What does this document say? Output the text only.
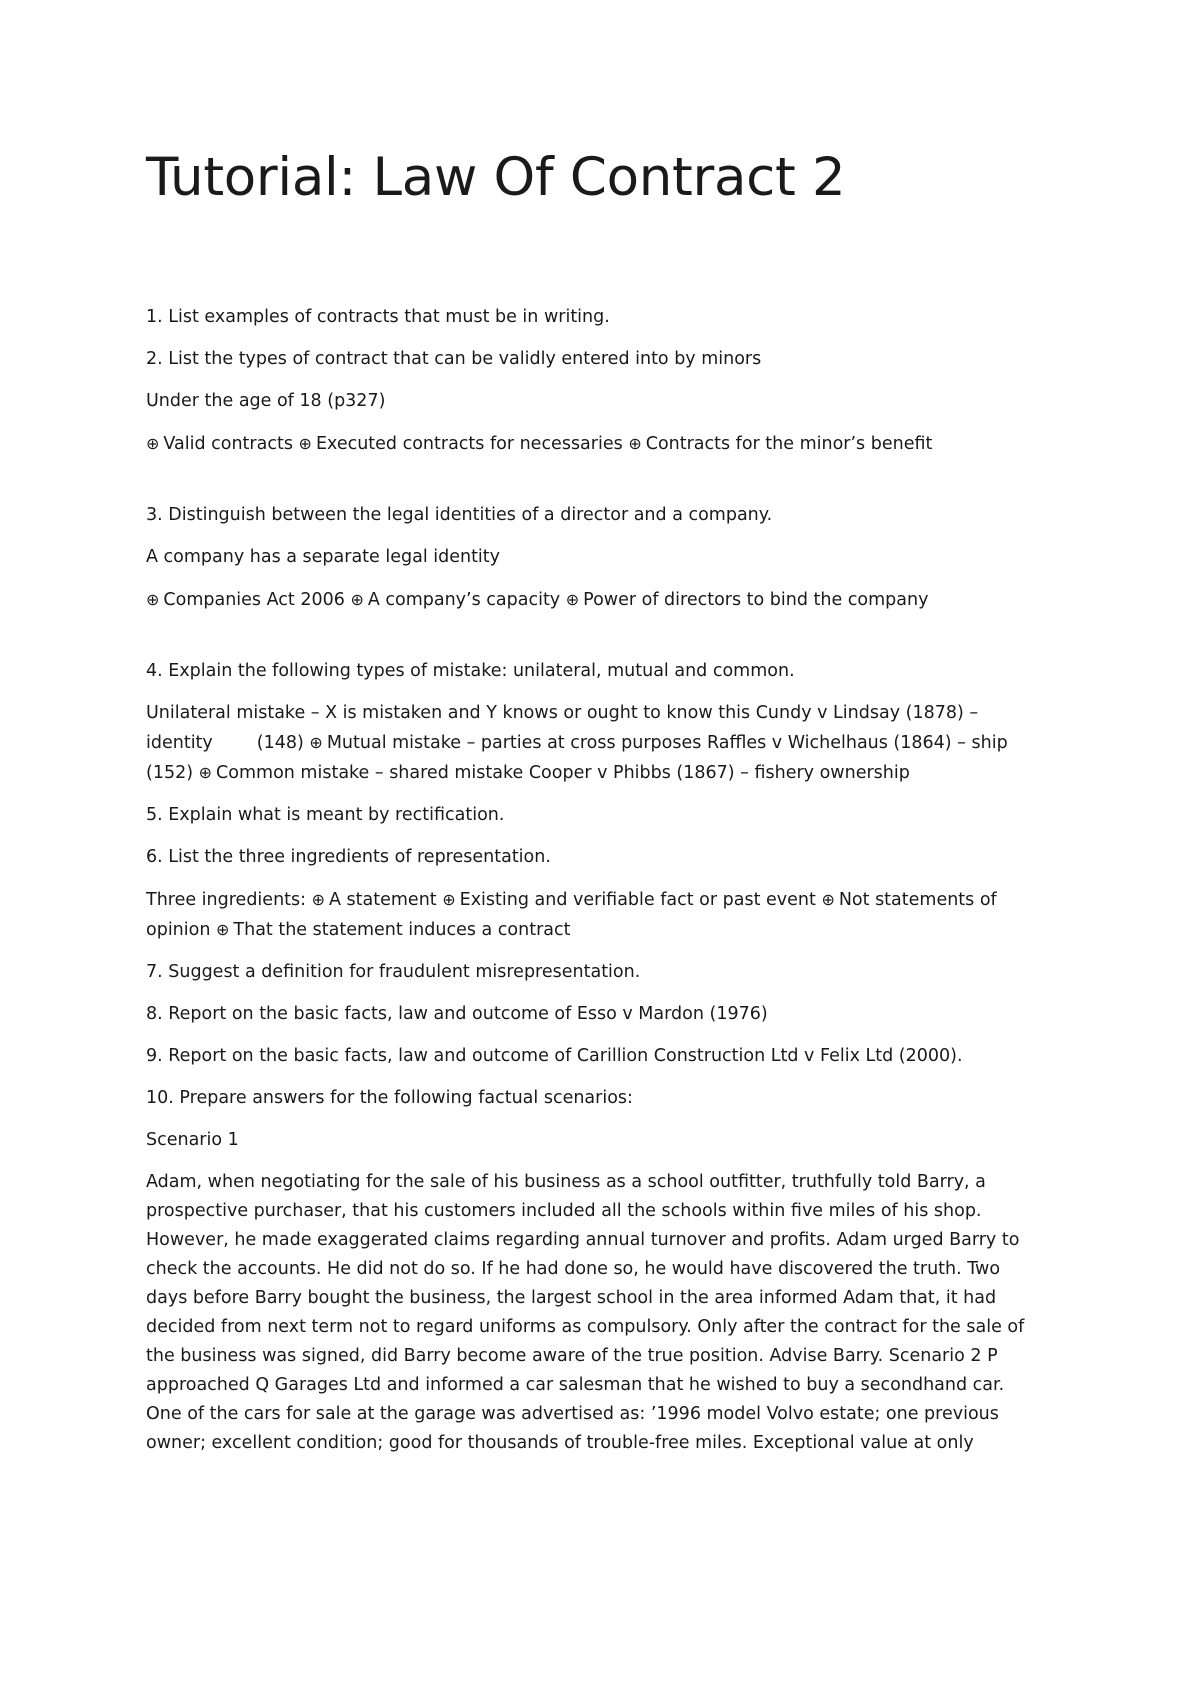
Tutorial: Law Of Contract 2

1. List examples of contracts that must be in writing.

2. List the types of contract that can be validly entered into by minors

Under the age of 18 (p327)

⊕ Valid contracts ⊕ Executed contracts for necessaries ⊕ Contracts for the minor’s benefit

3. Distinguish between the legal identities of a director and a company.

A company has a separate legal identity

⊕ Companies Act 2006 ⊕ A company’s capacity ⊕ Power of directors to bind the company

4. Explain the following types of mistake: unilateral, mutual and common.

Unilateral mistake – X is mistaken and Y knows or ought to know this Cundy v Lindsay (1878) –

identity	(148) ⊕ Mutual mistake – parties at cross purposes Raffles v Wichelhaus (1864) – ship

(152) ⊕ Common mistake – shared mistake Cooper v Phibbs (1867) – fishery ownership

5. Explain what is meant by rectification.

6. List the three ingredients of representation.

Three ingredients: ⊕ A statement ⊕ Existing and verifiable fact or past event ⊕ Not statements of

opinion ⊕ That the statement induces a contract

7. Suggest a definition for fraudulent misrepresentation.

8. Report on the basic facts, law and outcome of Esso v Mardon (1976)

9. Report on the basic facts, law and outcome of Carillion Construction Ltd v Felix Ltd (2000).

10. Prepare answers for the following factual scenarios:

Scenario 1

Adam, when negotiating for the sale of his business as a school outfitter, truthfully told Barry, a

prospective purchaser, that his customers included all the schools within five miles of his shop.

However, he made exaggerated claims regarding annual turnover and profits. Adam urged Barry to

check the accounts. He did not do so. If he had done so, he would have discovered the truth. Two

days before Barry bought the business, the largest school in the area informed Adam that, it had

decided from next term not to regard uniforms as compulsory. Only after the contract for the sale of

the business was signed, did Barry become aware of the true position. Advise Barry. Scenario 2 P

approached Q Garages Ltd and informed a car salesman that he wished to buy a secondhand car.

One of the cars for sale at the garage was advertised as: ’1996 model Volvo estate; one previous

owner; excellent condition; good for thousands of trouble-free miles. Exceptional value at only
